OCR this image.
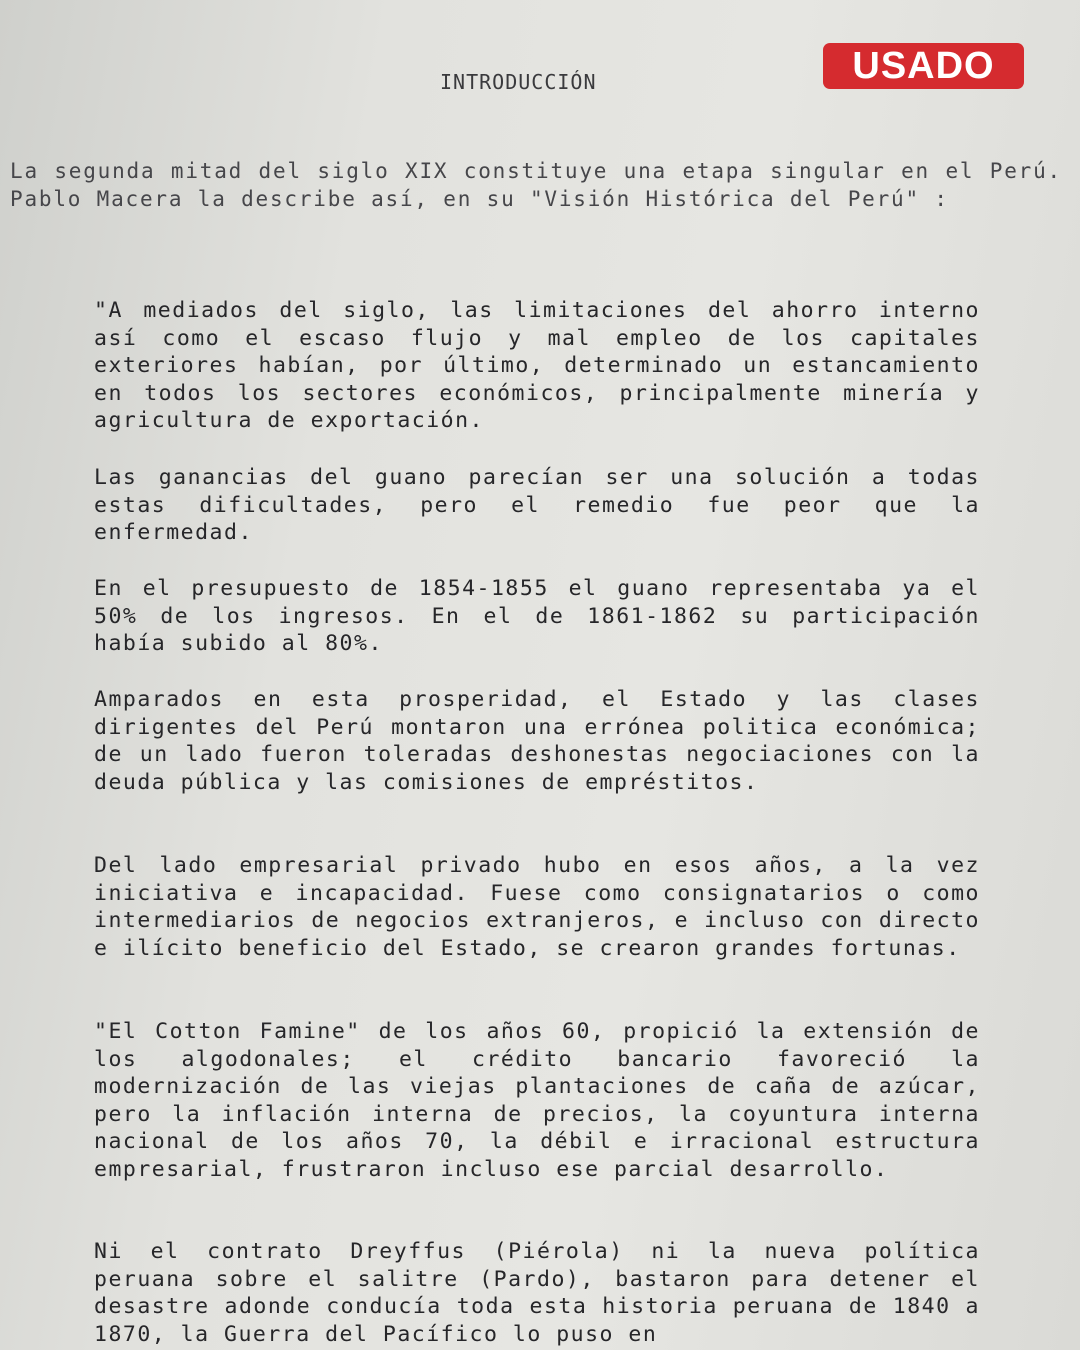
USADO
INTRODUCCIÓN

La segunda mitad del siglo XIX constituye una etapa singular en el Perú. Pablo Macera la describe así, en su "Visión Histórica del Perú" :

"A mediados del siglo, las limitaciones del ahorro interno así como el escaso flujo y mal empleo de los capitales exteriores habían, por último, determinado un estancamiento en todos los sectores económicos, principalmente minería y agricultura de exportación.

Las ganancias del guano parecían ser una solución a todas estas dificultades, pero el remedio fue peor que la enfermedad.

En el presupuesto de 1854-1855 el guano representaba ya el 50% de los ingresos. En el de 1861-1862 su participación había subido al 80%.

Amparados en esta prosperidad, el Estado y las clases dirigentes del Perú montaron una errónea politica económica; de un lado fueron toleradas deshonestas negociaciones con la deuda pública y las comisiones de empréstitos.

Del lado empresarial privado hubo en esos años, a la vez iniciativa e incapacidad. Fuese como consignatarios o como intermediarios de negocios extranjeros, e incluso con directo e ilícito beneficio del Estado, se crearon grandes fortunas.

"El Cotton Famine" de los años 60, propició la extensión de los algodonales; el crédito bancario favoreció la modernización de las viejas plantaciones de caña de azúcar, pero la inflación interna de precios, la coyuntura interna nacional de los años 70, la débil e irracional estructura empresarial, frustraron incluso ese parcial desarrollo.

Ni el contrato Dreyffus (Piérola) ni la nueva política peruana sobre el salitre (Pardo), bastaron para detener el desastre adonde conducía toda esta historia peruana de 1840 a 1870, la Guerra del Pacífico lo puso en
